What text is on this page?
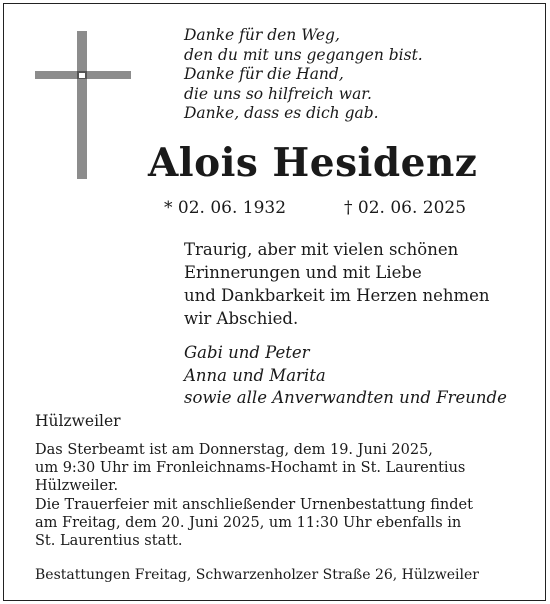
Danke für den Weg,
den du mit uns gegangen bist.
Danke für die Hand,
die uns so hilfreich war.
Danke, dass es dich gab.
Alois Hesidenz
* 02. 06. 1932	† 02. 06. 2025
Traurig, aber mit vielen schönen
Erinnerungen und mit Liebe
und Dankbarkeit im Herzen nehmen
wir Abschied.
Gabi und Peter
Anna und Marita
sowie alle Anverwandten und Freunde
Hülzweiler
Das Sterbeamt ist am Donnerstag, dem 19. Juni 2025,
um 9:30 Uhr im Fronleichnams-Hochamt in St. Laurentius
Hülzweiler.
Die Trauerfeier mit anschließender Urnenbestattung findet
am Freitag, dem 20. Juni 2025, um 11:30 Uhr ebenfalls in
St. Laurentius statt.
Bestattungen Freitag, Schwarzenholzer Straße 26, Hülzweiler
